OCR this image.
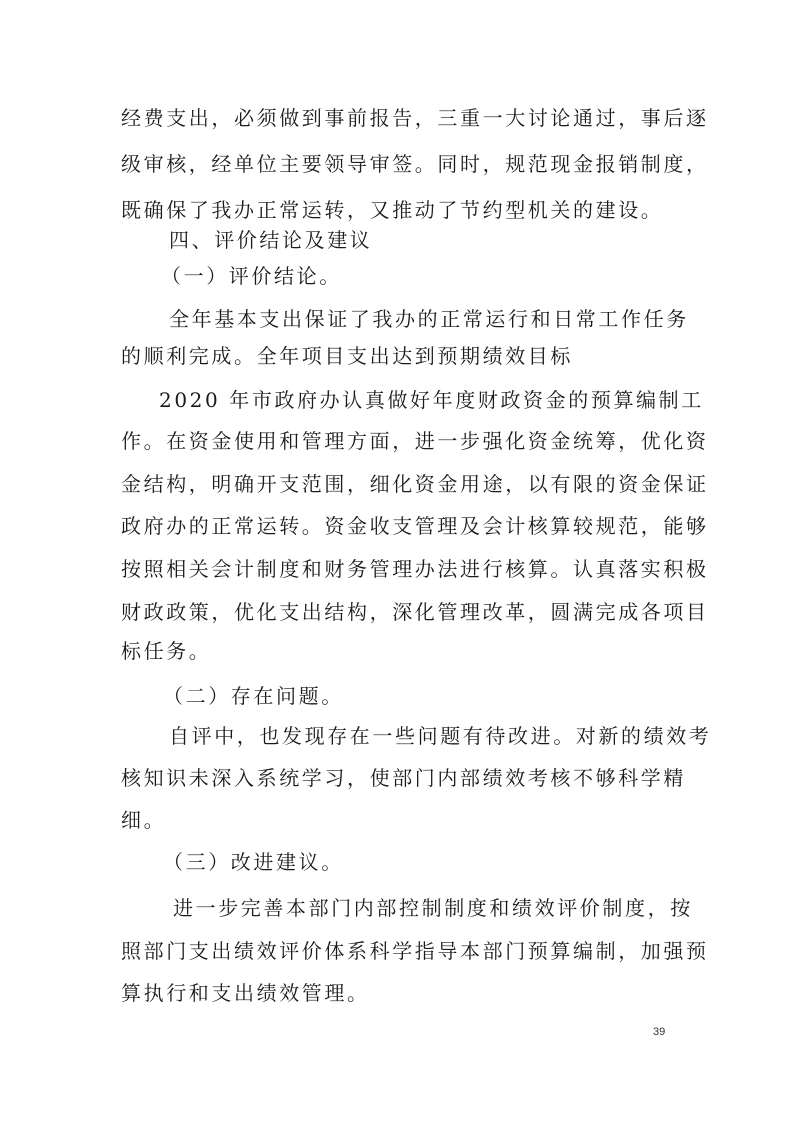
经费支出，必须做到事前报告，三重一大讨论通过，事后逐
级审核，经单位主要领导审签。同时，规范现金报销制度，
既确保了我办正常运转，又推动了节约型机关的建设。
四、评价结论及建议
（一）评价结论。
全年基本支出保证了我办的正常运行和日常工作任务
的顺利完成。全年项目支出达到预期绩效目标
2020 年市政府办认真做好年度财政资金的预算编制工
作。在资金使用和管理方面，进一步强化资金统筹，优化资
金结构，明确开支范围，细化资金用途，以有限的资金保证
政府办的正常运转。资金收支管理及会计核算较规范，能够
按照相关会计制度和财务管理办法进行核算。认真落实积极
财政政策，优化支出结构，深化管理改革，圆满完成各项目
标任务。
（二）存在问题。
自评中，也发现存在一些问题有待改进。对新的绩效考
核知识未深入系统学习，使部门内部绩效考核不够科学精
细。
（三）改进建议。
进一步完善本部门内部控制制度和绩效评价制度，按
照部门支出绩效评价体系科学指导本部门预算编制，加强预
算执行和支出绩效管理。
39
